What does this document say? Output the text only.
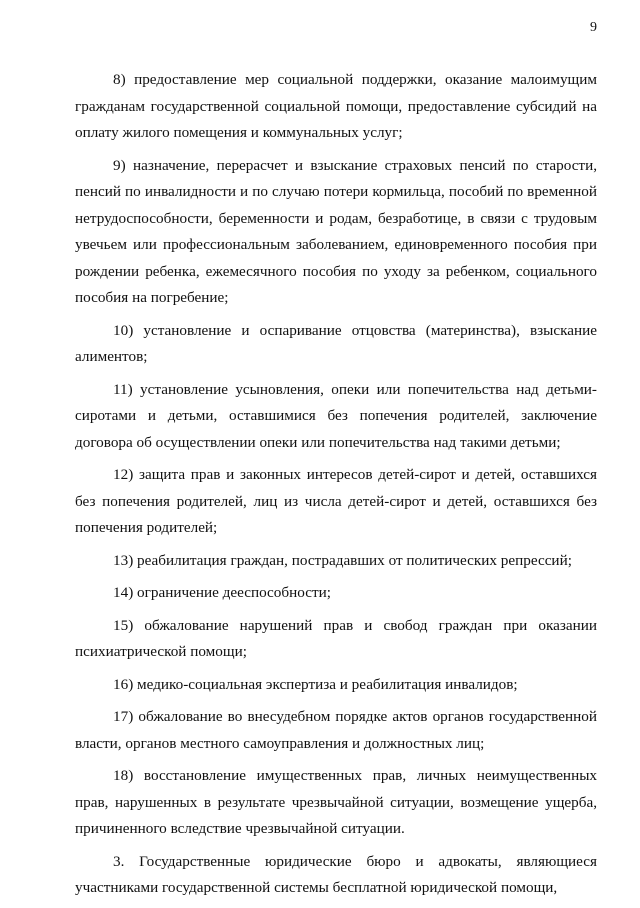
9

8) предоставление мер социальной поддержки, оказание малоимущим гражданам государственной социальной помощи, предоставление субсидий на оплату жилого помещения и коммунальных услуг;

9) назначение, перерасчет и взыскание страховых пенсий по старости, пенсий по инвалидности и по случаю потери кормильца, пособий по временной нетрудоспособности, беременности и родам, безработице, в связи с трудовым увечьем или профессиональным заболеванием, единовременного пособия при рождении ребенка, ежемесячного пособия по уходу за ребенком, социального пособия на погребение;

10) установление и оспаривание отцовства (материнства), взыскание алиментов;

11) установление усыновления, опеки или попечительства над детьми-сиротами и детьми, оставшимися без попечения родителей, заключение договора об осуществлении опеки или попечительства над такими детьми;

12) защита прав и законных интересов детей-сирот и детей, оставшихся без попечения родителей, лиц из числа детей-сирот и детей, оставшихся без попечения родителей;

13) реабилитация граждан, пострадавших от политических репрессий;

14) ограничение дееспособности;

15) обжалование нарушений прав и свобод граждан при оказании психиатрической помощи;

16) медико-социальная экспертиза и реабилитация инвалидов;

17) обжалование во внесудебном порядке актов органов государственной власти, органов местного самоуправления и должностных лиц;

18) восстановление имущественных прав, личных неимущественных прав, нарушенных в результате чрезвычайной ситуации, возмещение ущерба, причиненного вследствие чрезвычайной ситуации.

3. Государственные юридические бюро и адвокаты, являющиеся участниками государственной системы бесплатной юридической помощи,
